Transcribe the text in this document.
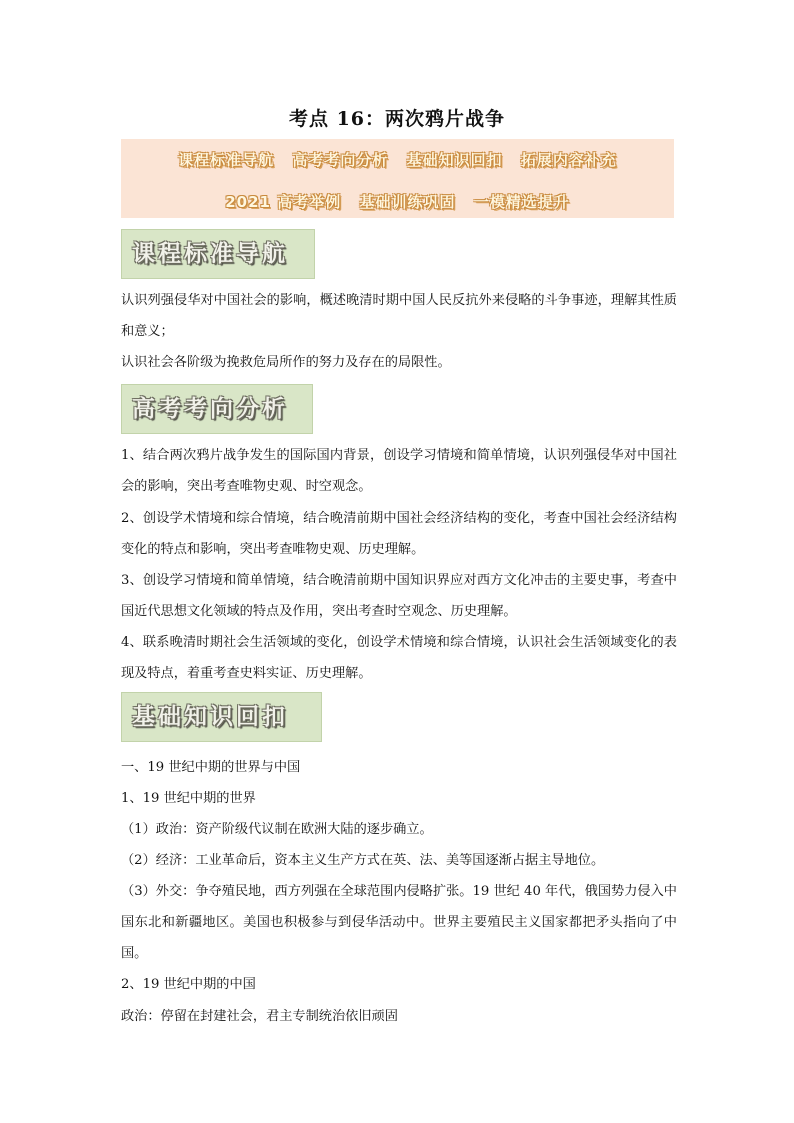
考点 16：两次鸦片战争
课程标准导航 高考考向分析 基础知识回扣 拓展内容补充
2021 高考举例 基础训练巩固 一模精选提升
课程标准导航
认识列强侵华对中国社会的影响，概述晚清时期中国人民反抗外来侵略的斗争事迹，理解其性质和意义；
认识社会各阶级为挽救危局所作的努力及存在的局限性。
高考考向分析
1、结合两次鸦片战争发生的国际国内背景，创设学习情境和简单情境，认识列强侵华对中国社会的影响，突出考查唯物史观、时空观念。
2、创设学术情境和综合情境，结合晚清前期中国社会经济结构的变化，考查中国社会经济结构变化的特点和影响，突出考查唯物史观、历史理解。
3、创设学习情境和简单情境，结合晚清前期中国知识界应对西方文化冲击的主要史事，考查中国近代思想文化领域的特点及作用，突出考查时空观念、历史理解。
4、联系晚清时期社会生活领域的变化，创设学术情境和综合情境，认识社会生活领域变化的表现及特点，着重考查史料实证、历史理解。
基础知识回扣
一、19 世纪中期的世界与中国
1、19 世纪中期的世界
（1）政治：资产阶级代议制在欧洲大陆的逐步确立。
（2）经济：工业革命后，资本主义生产方式在英、法、美等国逐渐占据主导地位。
（3）外交：争夺殖民地，西方列强在全球范围内侵略扩张。19 世纪 40 年代，俄国势力侵入中国东北和新疆地区。美国也积极参与到侵华活动中。世界主要殖民主义国家都把矛头指向了中国。
2、19 世纪中期的中国
政治：停留在封建社会，君主专制统治依旧顽固
